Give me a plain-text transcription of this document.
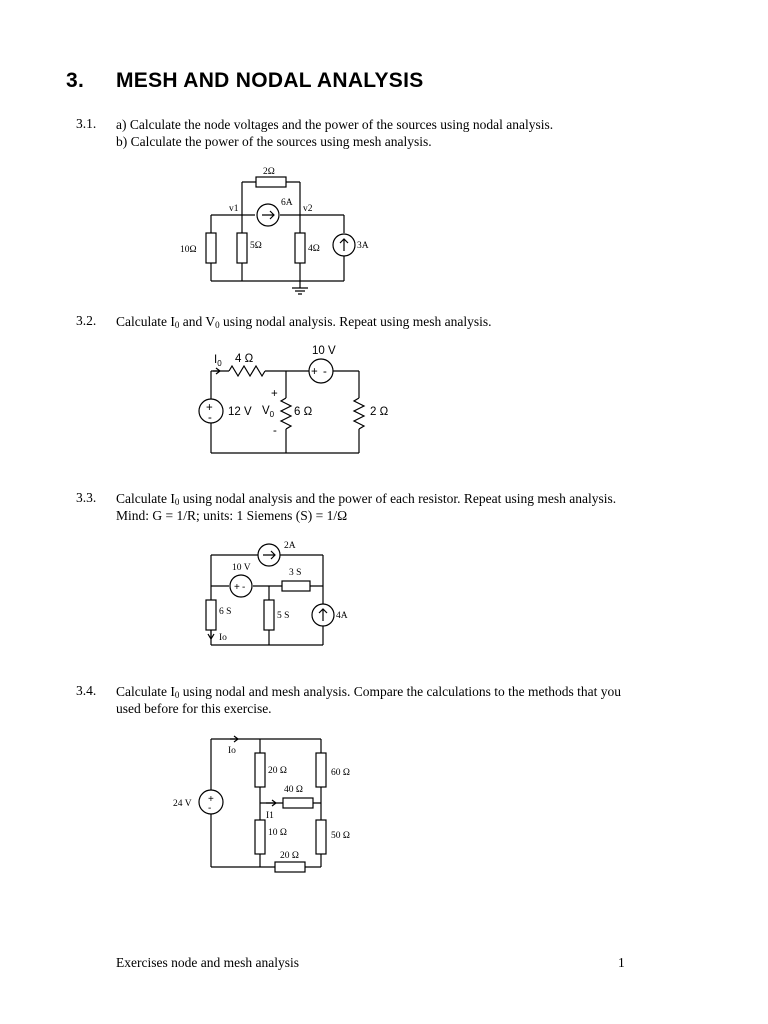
3. MESH AND NODAL ANALYSIS
3.1. a) Calculate the node voltages and the power of the sources using nodal analysis.
b) Calculate the power of the sources using mesh analysis.
2Ω
6A
v1	v2
10Ω	5Ω	4Ω	3A
3.2. Calculate $I_0$ and $V_0$ using nodal analysis. Repeat using mesh analysis.
+
-
+ -
$I_0$ 4 Ω
10 V
12 V
+
$V_0$
-
6 Ω	2 Ω
3.3. Calculate $I_0$ using nodal analysis and the power of each resistor. Repeat using mesh analysis.
Mind: G = 1/R; units: 1 Siemens (S) = 1/Ω
+ -
2A
10 V	3 S
6 S	5 S	4A
Io
3.4. Calculate $I_0$ using nodal and mesh analysis. Compare the calculations to the methods that you
used before for this exercise.
+
-
Io
24 V
20 Ω	60 Ω
40 Ω
I1
10 Ω	50 Ω
20 Ω
Exercises node and mesh analysis	1
